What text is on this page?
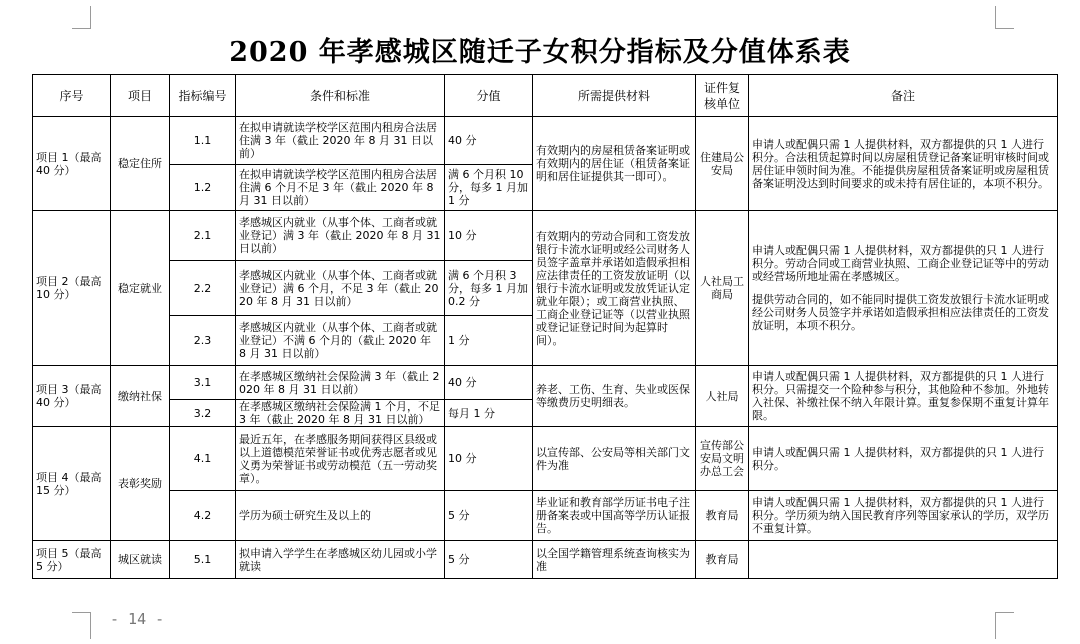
2020 年孝感城区随迁子女积分指标及分值体系表
序号	项目	指标编号	条件和标准	分值	所需提供材料	证件复核单位	备注
项目 1（最高 40 分）	稳定住所	1.1	在拟申请就读学校学区范围内租房合法居住满 3 年（截止 2020 年 8 月 31 日以前）	40 分	有效期内的房屋租赁备案证明或有效期内的居住证（租赁备案证明和居住证提供其一即可）。	住建局公安局	申请人或配偶只需 1 人提供材料，双方都提供的只 1 人进行积分。合法租赁起算时间以房屋租赁登记备案证明审核时间或居住证申领时间为准。不能提供房屋租赁备案证明或房屋租赁备案证明没达到时间要求的或未持有居住证的，本项不积分。
		1.2	在拟申请就读学校学区范围内租房合法居住满 6 个月不足 3 年（截止 2020 年 8 月 31 日以前）	满 6 个月积 10 分，每多 1 月加 1 分			
项目 2（最高 10 分）	稳定就业	2.1	孝感城区内就业（从事个体、工商者或就业登记）满 3 年（截止 2020 年 8 月 31 日以前）	10 分	有效期内的劳动合同和工资发放银行卡流水证明或经公司财务人员签字盖章并承诺如造假承担相应法律责任的工资发放证明（以银行卡流水证明或发放凭证认定就业年限）；或工商营业执照、工商企业登记证等（以营业执照或登记证登记时间为起算时间）。	人社局工商局	申请人或配偶只需 1 人提供材料，双方都提供的只 1 人进行积分。劳动合同或工商营业执照、工商企业登记证等中的劳动或经营场所地址需在孝感城区。
提供劳动合同的，如不能同时提供工资发放银行卡流水证明或经公司财务人员签字并承诺如造假承担相应法律责任的工资发放证明，本项不积分。

		2.2	孝感城区内就业（从事个体、工商者或就业登记）满 6 个月，不足 3 年（截止 2020 年 8 月 31 日以前）	满 6 个月积 3 分，每多 1 月加 0.2 分			
		2.3	孝感城区内就业（从事个体、工商者或就业登记）不满 6 个月的（截止 2020 年 8 月 31 日以前）	1 分			
项目 3（最高 40 分）	缴纳社保	3.1	在孝感城区缴纳社会保险满 3 年（截止 2020 年 8 月 31 日以前）	40 分	养老、工伤、生育、失业或医保等缴费历史明细表。	人社局	申请人或配偶只需 1 人提供材料，双方都提供的只 1 人进行积分。只需提交一个险种参与积分，其他险种不参加。外地转入社保、补缴社保不纳入年限计算。重复参保期不重复计算年限。
		3.2	在孝感城区缴纳社会保险满 1 个月，不足 3 年（截止 2020 年 8 月 31 日以前）	每月 1 分			
项目 4（最高 15 分）	表彰奖励	4.1	最近五年，在孝感服务期间获得区县级或以上道德模范荣誉证书或优秀志愿者或见义勇为荣誉证书或劳动模范（五一劳动奖章）。	10 分	以宣传部、公安局等相关部门文件为准	宣传部公安局文明办总工会	申请人或配偶只需 1 人提供材料，双方都提供的只 1 人进行积分。
		4.2	学历为硕士研究生及以上的	5 分	毕业证和教育部学历证书电子注册备案表或中国高等学历认证报告。	教育局	申请人或配偶只需 1 人提供材料，双方都提供的只 1 人进行积分。学历须为纳入国民教育序列等国家承认的学历，双学历不重复计算。
项目 5（最高 5 分）	城区就读	5.1	拟申请入学学生在孝感城区幼儿园或小学就读	5 分	以全国学籍管理系统查询核实为准	教育局	
- 14 -
